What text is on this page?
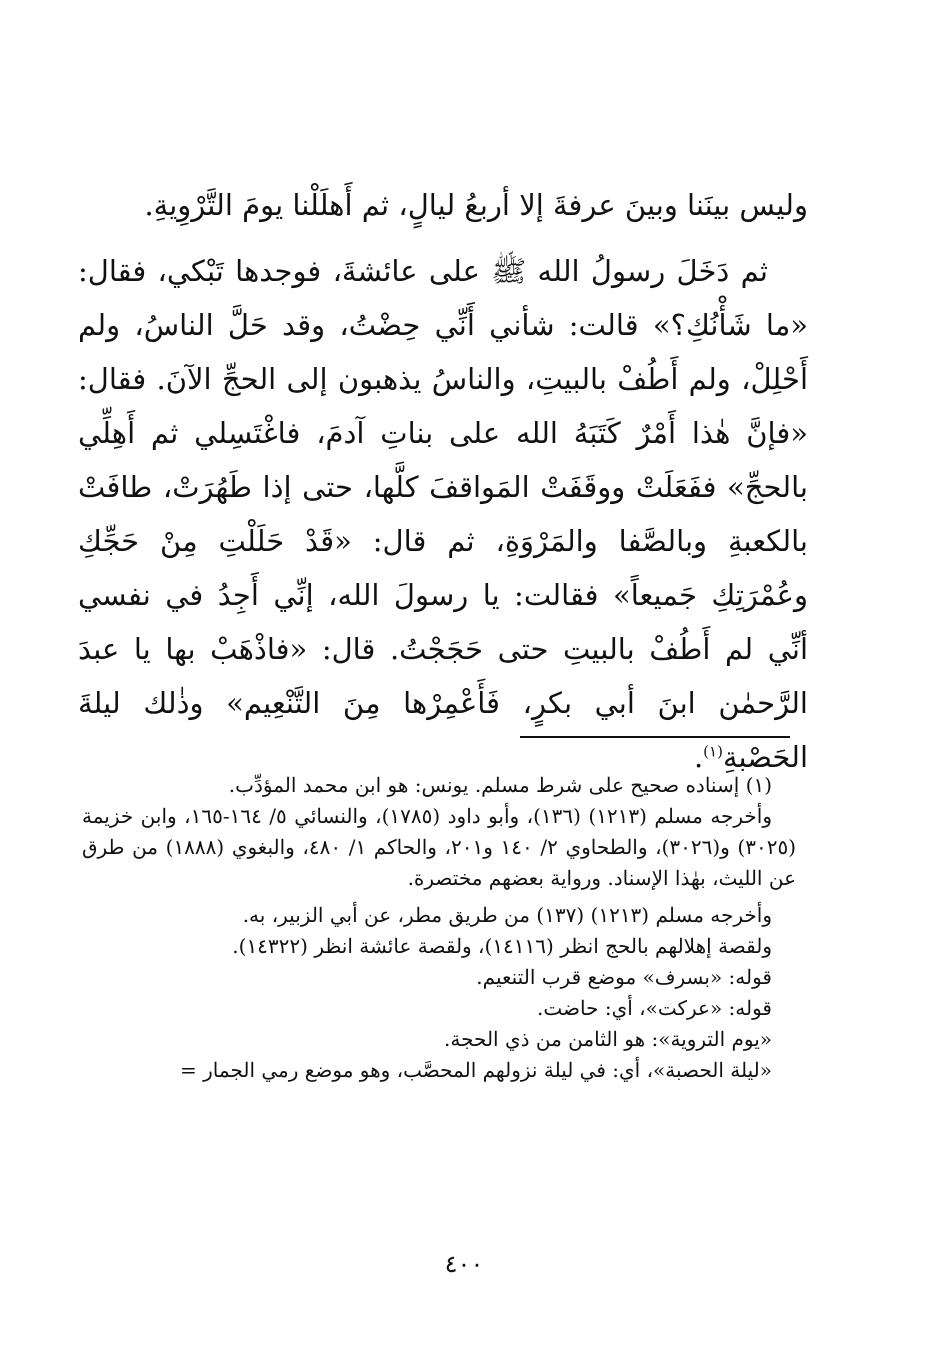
وليس بينَنا وبينَ عرفةَ إلا أربعُ ليالٍ، ثم أَهلَلْنا يومَ التَّرْوِيةِ.

ثم دَخَلَ رسولُ الله ﷺ على عائشةَ، فوجدها تَبْكي، فقال: «ما شَأْنُكِ؟» قالت: شأني أَنِّي حِضْتُ، وقد حَلَّ الناسُ، ولم أَحْلِلْ، ولم أَطُفْ بالبيتِ، والناسُ يذهبون إلى الحجِّ الآنَ. فقال: «فإنَّ هٰذا أَمْرٌ كَتَبَهُ الله على بناتِ آدمَ، فاغْتَسِلي ثم أَهِلِّي بالحجِّ» ففَعَلَتْ ووقَفَتْ المَواقفَ كلَّها، حتى إذا طَهُرَتْ، طافَتْ بالكعبةِ وبالصَّفا والمَرْوَةِ، ثم قال: «قَدْ حَلَلْتِ مِنْ حَجِّكِ وعُمْرَتِكِ جَميعاً» فقالت: يا رسولَ الله، إنِّي أَجِدُ في نفسي أنِّي لم أَطُفْ بالبيتِ حتى حَجَجْتُ. قال: «فاذْهَبْ بها يا عبدَ الرَّحمٰن ابنَ أبي بكرٍ، فَأَعْمِرْها مِنَ التَّنْعِيم» وذٰلك ليلةَ الحَصْبةِ$^{(١)}$.

(١) إسناده صحيح على شرط مسلم. يونس: هو ابن محمد المؤدِّب.

وأخرجه مسلم (١٢١٣) (١٣٦)، وأبو داود (١٧٨٥)، والنسائي ٥/ ١٦٤-١٦٥، وابن خزيمة (٣٠٢٥) و(٣٠٢٦)، والطحاوي ٢/ ١٤٠ و٢٠١، والحاكم ١/ ٤٨٠، والبغوي (١٨٨٨) من طرق عن الليث، بهٰذا الإسناد. ورواية بعضهم مختصرة.

وأخرجه مسلم (١٢١٣) (١٣٧) من طريق مطر، عن أبي الزبير، به.

ولقصة إهلالهم بالحج انظر (١٤١١٦)، ولقصة عائشة انظر (١٤٣٢٢).

قوله: «بسرف» موضع قرب التنعيم.

قوله: «عركت»، أي: حاضت.

«يوم التروية»: هو الثامن من ذي الحجة.

«ليلة الحصبة»، أي: في ليلة نزولهم المحصَّب، وهو موضع رمي الجمار =

٤٠٠
